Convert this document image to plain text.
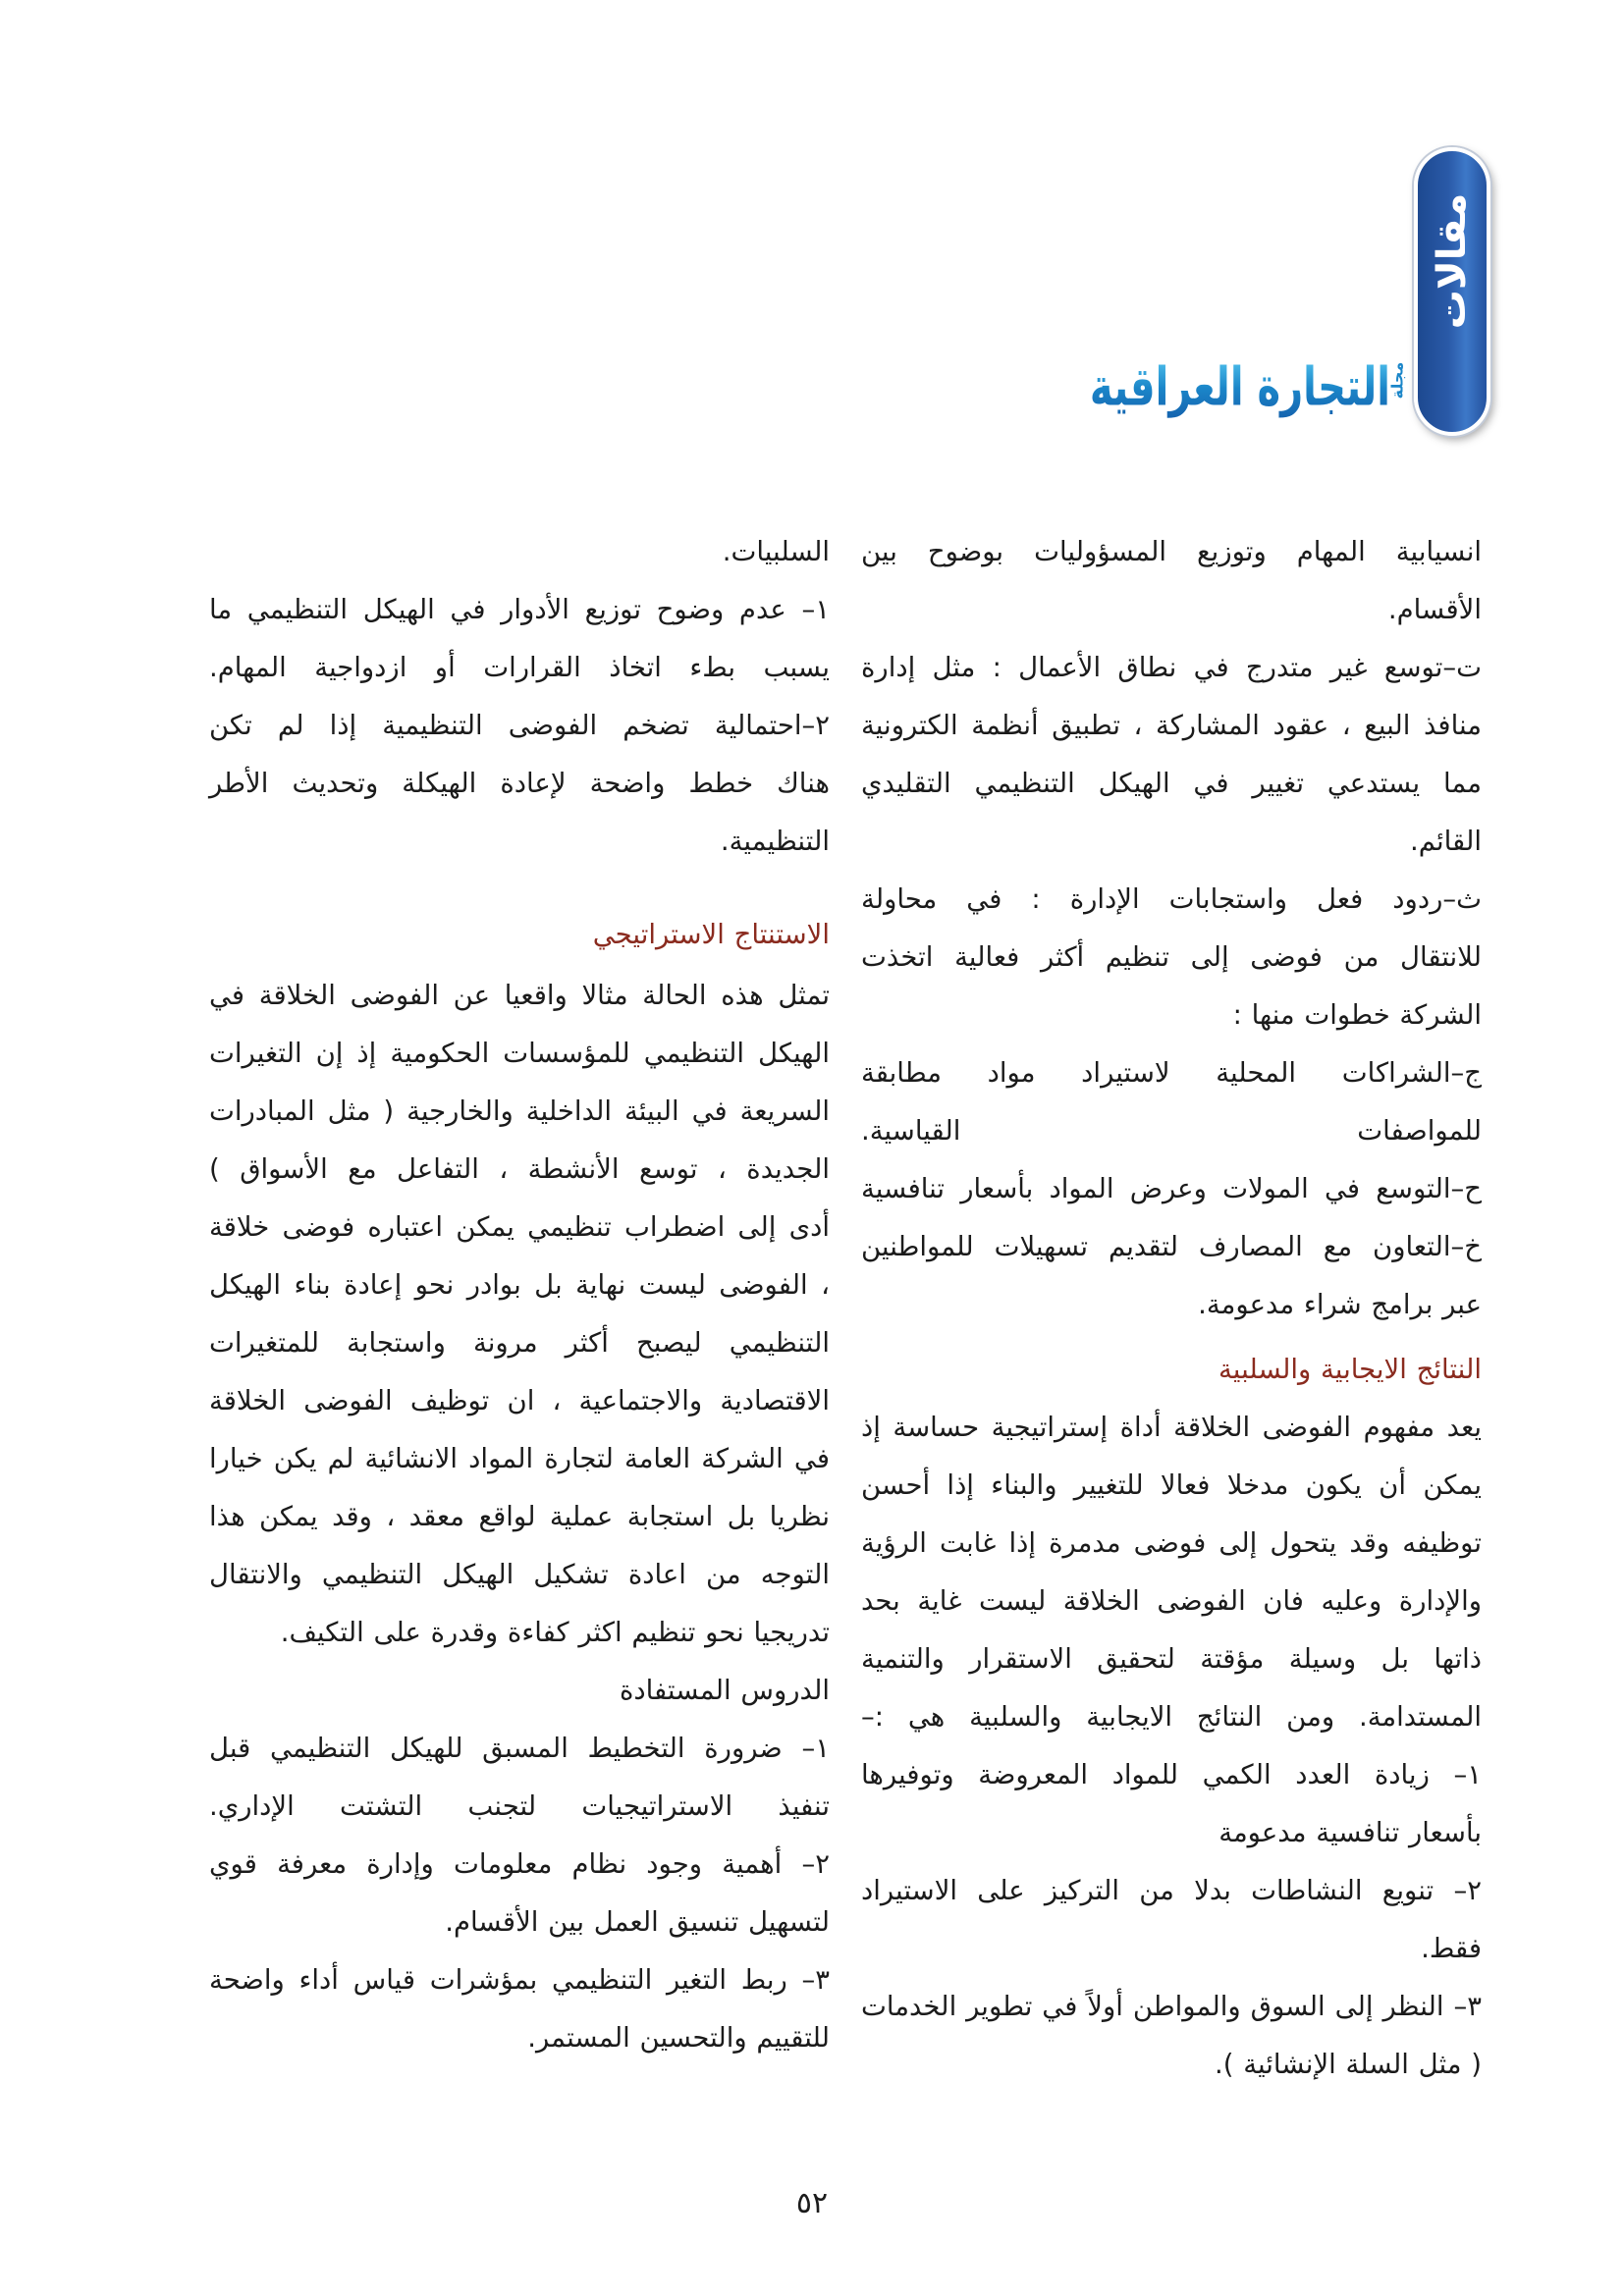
مقالات
التجارة العراقية
مجلة
انسيابية المهام وتوزيع المسؤوليات بوضوح بين
الأقسام.
ت–توسع غير متدرج في نطاق الأعمال : مثل إدارة
منافذ البيع ، عقود المشاركة ، تطبيق أنظمة الكترونية
مما يستدعي تغيير في الهيكل التنظيمي التقليدي
القائم.
ث–ردود فعل واستجابات الإدارة : في محاولة
للانتقال من فوضى إلى تنظيم أكثر فعالية اتخذت
الشركة خطوات منها :
ج–الشراكات المحلية لاستيراد مواد مطابقة
للمواصفات القياسية.
ح–التوسع في المولات وعرض المواد بأسعار تنافسية
خ–التعاون مع المصارف لتقديم تسهيلات للمواطنين
عبر برامج شراء مدعومة.
النتائج الايجابية والسلبية
يعد مفهوم الفوضى الخلاقة أداة إستراتيجية حساسة إذ
يمكن أن يكون مدخلا فعالا للتغيير والبناء إذا أحسن
توظيفه وقد يتحول إلى فوضى مدمرة إذا غابت الرؤية
والإدارة وعليه فان الفوضى الخلاقة ليست غاية بحد
ذاتها بل وسيلة مؤقتة لتحقيق الاستقرار والتنمية
المستدامة. ومن النتائج الايجابية والسلبية هي :–
١– زيادة العدد الكمي للمواد المعروضة وتوفيرها
بأسعار تنافسية مدعومة
٢– تنويع النشاطات بدلا من التركيز على الاستيراد
فقط.
٣– النظر إلى السوق والمواطن أولاً في تطوير الخدمات
( مثل السلة الإنشائية ).
السلبيات.
١– عدم وضوح توزيع الأدوار في الهيكل التنظيمي ما
يسبب بطء اتخاذ القرارات أو ازدواجية المهام.
٢–احتمالية تضخم الفوضى التنظيمية إذا لم تكن
هناك خطط واضحة لإعادة الهيكلة وتحديث الأطر
التنظيمية.
الاستنتاج الاستراتيجي
تمثل هذه الحالة مثالا واقعيا عن الفوضى الخلاقة في
الهيكل التنظيمي للمؤسسات الحكومية إذ إن التغيرات
السريعة في البيئة الداخلية والخارجية ( مثل المبادرات
الجديدة ، توسع الأنشطة ، التفاعل مع الأسواق )
أدى إلى اضطراب تنظيمي يمكن اعتباره فوضى خلاقة
، الفوضى ليست نهاية بل بوادر نحو إعادة بناء الهيكل
التنظيمي ليصبح أكثر مرونة واستجابة للمتغيرات
الاقتصادية والاجتماعية ، ان توظيف الفوضى الخلاقة
في الشركة العامة لتجارة المواد الانشائية لم يكن خيارا
نظريا بل استجابة عملية لواقع معقد ، وقد يمكن هذا
التوجه من اعادة تشكيل الهيكل التنظيمي والانتقال
تدريجيا نحو تنظيم اكثر كفاءة وقدرة على التكيف.
الدروس المستفادة
١– ضرورة التخطيط المسبق للهيكل التنظيمي قبل
تنفيذ الاستراتيجيات لتجنب التشتت الإداري.
٢– أهمية وجود نظام معلومات وإدارة معرفة قوي
لتسهيل تنسيق العمل بين الأقسام.
٣– ربط التغير التنظيمي بمؤشرات قياس أداء واضحة
للتقييم والتحسين المستمر.
٥٢
